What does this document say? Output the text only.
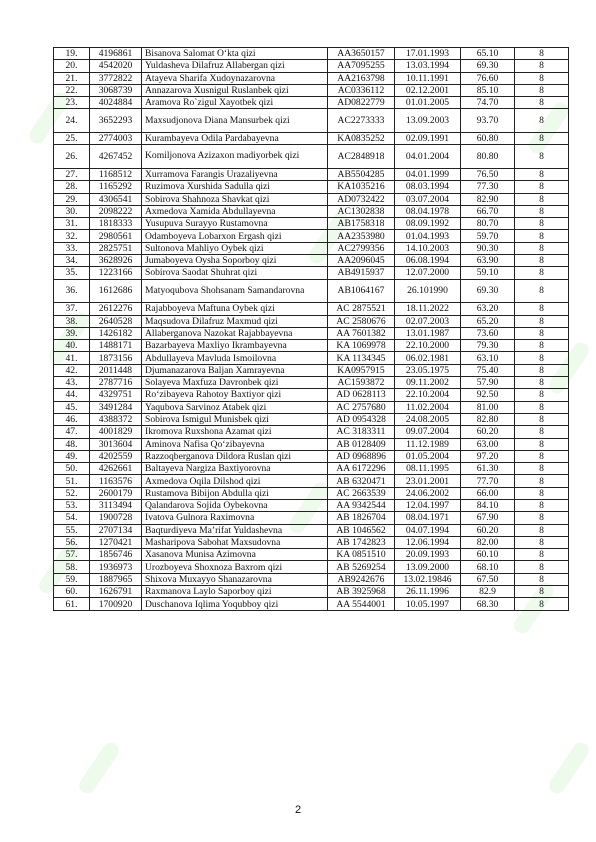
19.	4196861	Bisanova Salomat O‘kta qizi	AA3650157	17.01.1993	65.10	8
20.	4542020	Yuldasheva Dilafruz Allabergan qizi	AA7095255	13.03.1994	69.30	8
21.	3772822	Atayeva Sharifa Xudoynazarovna	AA2163798	10.11.1991	76.60	8
22.	3068739	Annazarova Xusnigul Ruslanbek qizi	AC0336112	02.12.2001	85.10	8
23.	4024884	Aramova Ro`zigul Xayotbek qizi	AD0822779	01.01.2005	74.70	8
24.	3652293	Maxsudjonova Diana Mansurbek qizi	AC2273333	13.09.2003	93.70	8
25.	2774003	Kurambayeva Odila Pardabayevna	KA0835252	02.09.1991	60.80	8
26.	4267452	Komiljonova Azizaxon madiyorbek qizi	AC2848918	04.01.2004	80.80	8
27.	1168512	Xurramova Farangis Urazaliyevna	AB5504285	04.01.1999	76.50	8
28.	1165292	Ruzimova Xurshida Sadulla qizi	KA1035216	08.03.1994	77.30	8
29.	4306541	Sobirova Shahnoza Shavkat qizi	AD0732422	03.07.2004	82.90	8
30.	2098222	Axmedova Xamida Abdullayevna	AC1302838	08.04.1978	66.70	8
31.	1818333	Yusupuva Surayyo Rustamovna	AB1758318	08.09.1992	80.70	8
32.	2980561	Odamboyeva Lobarxon Ergash qizi	AA2353980	01.04.1993	59.70	8
33.	2825751	Sultonova Mahliyo Oybek qizi	AC2799356	14.10.2003	90.30	8
34.	3628926	Jumaboyeva Oysha Soporboy qizi	AA2096045	06.08.1994	63.90	8
35.	1223166	Sobirova Saodat Shuhrat qizi	AB4915937	12.07.2000	59.10	8
36.	1612686	Matyoqubova Shohsanam Samandarovna	AB1064167	26.101990	69.30	8
37.	2612276	Rajabboyeva Maftuna Oybek qizi	AC 2875521	18.11.2022	63.20	8
38.	2640528	Maqsudova Dilafruz Maxmud qizi	AC 2580676	02.07.2003	65.20	8
39.	1426182	Allaberganova Nazokat Rajabbayevna	AA 7601382	13.01.1987	73.60	8
40.	1488171	Bazarbayeva Maxliyo Ikrambayevna	KA 1069978	22.10.2000	79.30	8
41.	1873156	Abdullayeva Mavluda Ismoilovna	KA 1134345	06.02.1981	63.10	8
42.	2011448	Djumanazarova Baljan Xamrayevna	KA0957915	23.05.1975	75.40	8
43.	2787716	Solayeva Maxfuza Davronbek qizi	AC1593872	09.11.2002	57.90	8
44.	4329751	Ro‘zibayeva Rahotoy Baxtiyor qizi	AD 0628113	22.10.2004	92.50	8
45.	3491284	Yaqubova Sarvinoz Atabek qizi	AC 2757680	11.02.2004	81.00	8
46.	4388372	Sobirova Ismigul Munisbek qizi	AD 0954328	24.08.2005	82.80	8
47.	4001829	Ikromova Ruxshona Azamat qizi	AC 3183311	09.07.2004	60.20	8
48.	3013604	Aminova Nafisa Qo‘zibayevna	AB 0128409	11.12.1989	63.00	8
49.	4202559	Razzoqberganova Dildora Ruslan qizi	AD 0968896	01.05.2004	97.20	8
50.	4262661	Baltayeva Nargiza Baxtiyorovna	AA 6172296	08.11.1995	61.30	8
51.	1163576	Axmedova Oqila Dilshod qizi	AB 6320471	23.01.2001	77.70	8
52.	2600179	Rustamova Bibijon Abdulla qizi	AC 2663539	24.06.2002	66.00	8
53.	3113494	Qalandarova Sojida Oybekovna	AA 9342544	12.04.1997	84.10	8
54.	1900728	Ivatova Gulnora Raximovna	AB 1826704	08.04.1971	67.90	8
55.	2707134	Baqturdiyeva Ma’rifat Yuldashevna	AB 1046562	04.07.1994	60.20	8
56.	1270421	Masharipova Sabohat Maxsudovna	AB 1742823	12.06.1994	82.00	8
57.	1856746	Xasanova Munisa Azimovna	KA 0851510	20.09.1993	60.10	8
58.	1936973	Urozboyeva Shoxnoza Baxrom qizi	AB 5269254	13.09.2000	68.10	8
59.	1887965	Shixova Muxayyo Shanazarovna	AB9242676	13.02.19846	67.50	8
60.	1626791	Raxmanova Laylo Saporboy qizi	AB 3925968	26.11.1996	82.9	8
61.	1700920	Duschanova Iqlima Yoqubboy qizi	AA 5544001	10.05.1997	68.30	8
2
